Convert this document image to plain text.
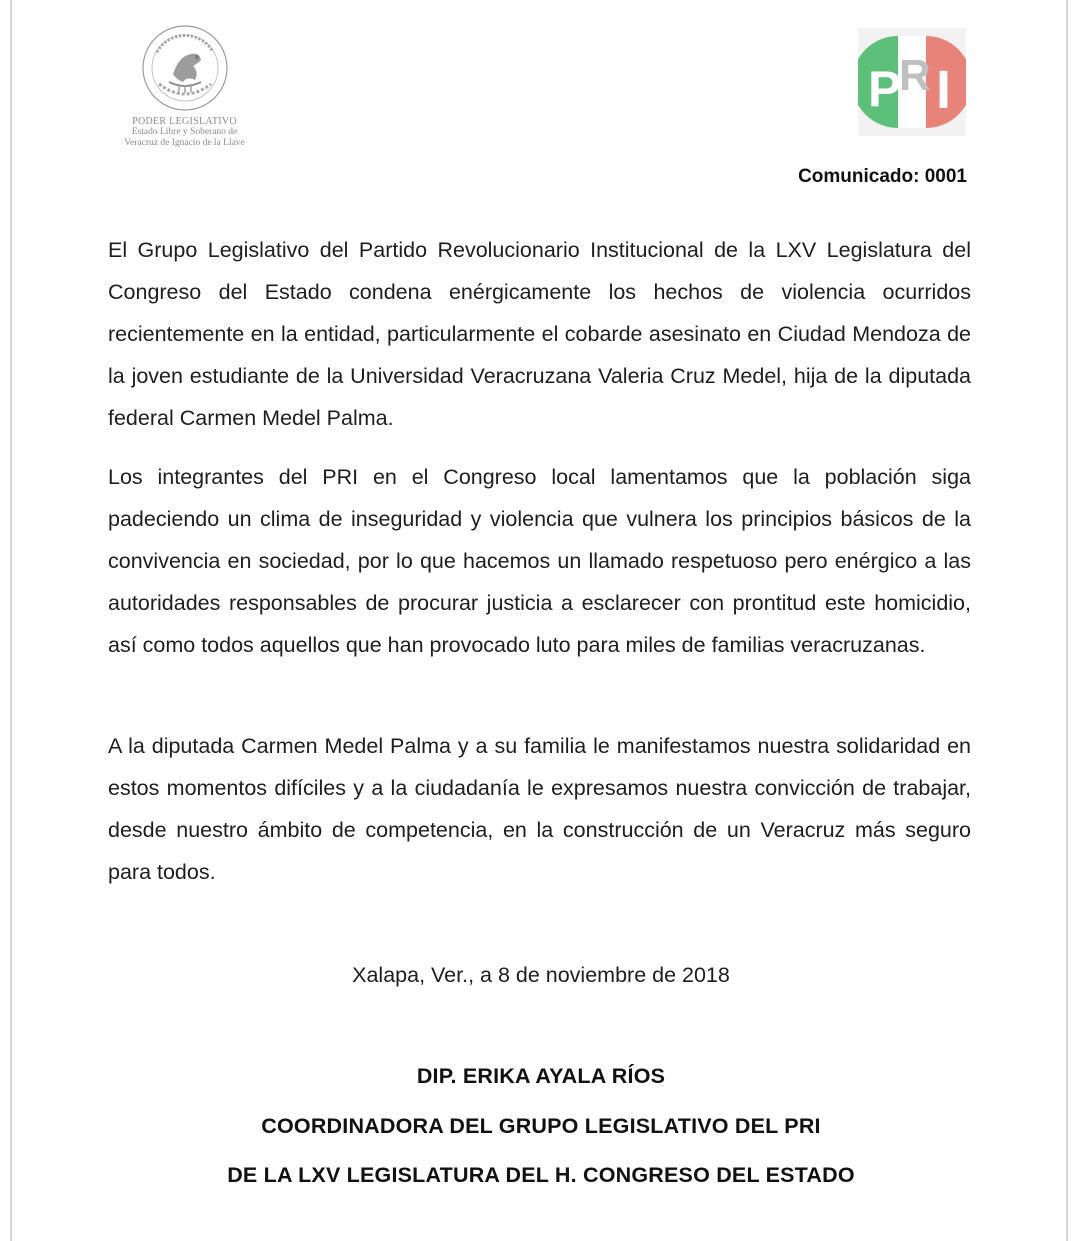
PODER LEGISLATIVO
Estado Libre y Soberano de
Veracruz de Ignacio de la Llave
P
R I
Comunicado: 0001
El Grupo Legislativo del Partido Revolucionario Institucional de la LXV Legislatura del Congreso del Estado condena enérgicamente los hechos de violencia ocurridos recientemente en la entidad, particularmente el cobarde asesinato en Ciudad Mendoza de la joven estudiante de la Universidad Veracruzana Valeria Cruz Medel, hija de la diputada federal Carmen Medel Palma.
Los integrantes del PRI en el Congreso local lamentamos que la población siga padeciendo un clima de inseguridad y violencia que vulnera los principios básicos de la convivencia en sociedad, por lo que hacemos un llamado respetuoso pero enérgico a las autoridades responsables de procurar justicia a esclarecer con prontitud este homicidio, así como todos aquellos que han provocado luto para miles de familias veracruzanas.
A la diputada Carmen Medel Palma y a su familia le manifestamos nuestra solidaridad en estos momentos difíciles y a la ciudadanía le expresamos nuestra convicción de trabajar, desde nuestro ámbito de competencia, en la construcción de un Veracruz más seguro para todos.
Xalapa, Ver., a 8 de noviembre de 2018
DIP. ERIKA AYALA RÍOS
COORDINADORA DEL GRUPO LEGISLATIVO DEL PRI
DE LA LXV LEGISLATURA DEL H. CONGRESO DEL ESTADO
